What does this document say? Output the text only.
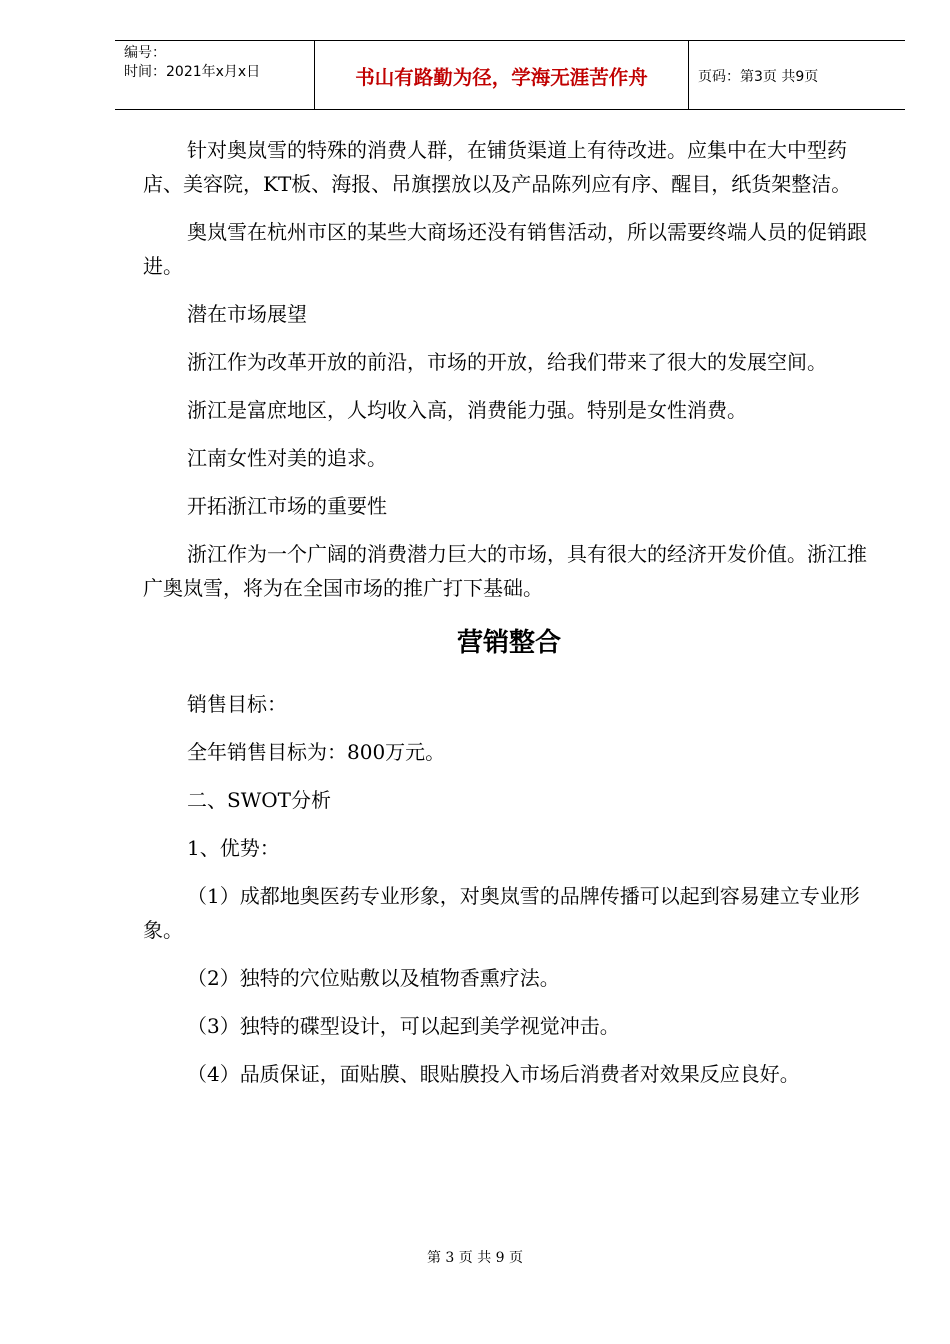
编号：
时间：2021年x月x日	书山有路勤为径，学海无涯苦作舟	页码：第3页 共9页

针对奥岚雪的特殊的消费人群，在铺货渠道上有待改进。应集中在大中型药店、美容院，KT板、海报、吊旗摆放以及产品陈列应有序、醒目，纸货架整洁。

奥岚雪在杭州市区的某些大商场还没有销售活动，所以需要终端人员的促销跟进。

潜在市场展望

浙江作为改革开放的前沿，市场的开放，给我们带来了很大的发展空间。

浙江是富庶地区，人均收入高，消费能力强。特别是女性消费。

江南女性对美的追求。

开拓浙江市场的重要性

浙江作为一个广阔的消费潜力巨大的市场，具有很大的经济开发价值。浙江推广奥岚雪，将为在全国市场的推广打下基础。

营销整合

销售目标：

全年销售目标为：800万元。

二、SWOT分析

1、优势：

（1）成都地奥医药专业形象，对奥岚雪的品牌传播可以起到容易建立专业形象。

（2）独特的穴位贴敷以及植物香熏疗法。

（3）独特的碟型设计，可以起到美学视觉冲击。

（4）品质保证，面贴膜、眼贴膜投入市场后消费者对效果反应良好。

第 3 页 共 9 页
